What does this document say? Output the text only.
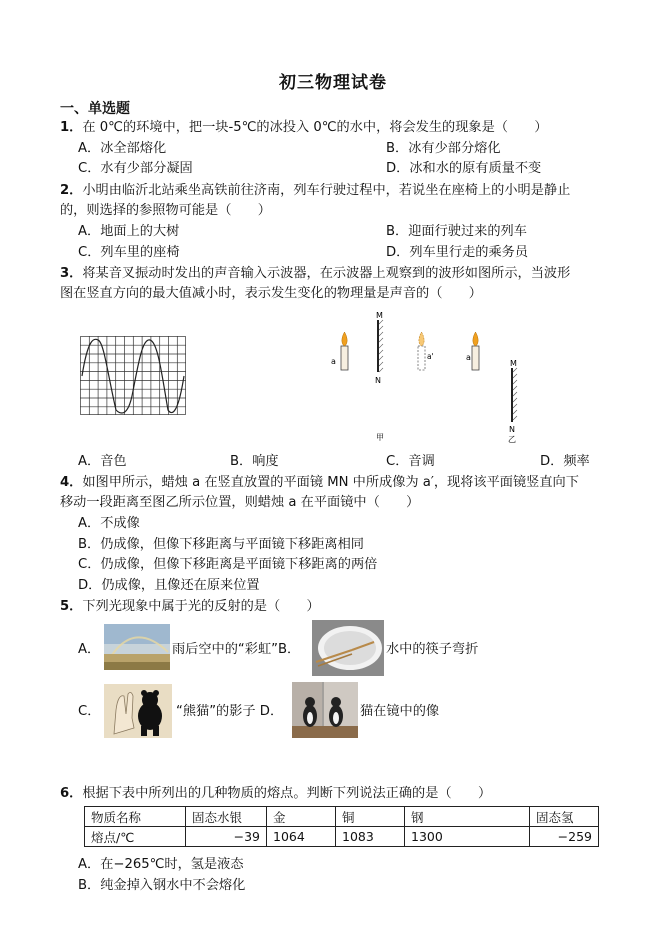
初三物理试卷
一、单选题
1．在 0℃的环境中，把一块-5℃的冰投入 0℃的水中，将会发生的现象是（　　）
A．冰全部熔化	B．冰有少部分熔化
C．水有少部分凝固	D．冰和水的原有质量不变
2．小明由临沂北站乘坐高铁前往济南，列车行驶过程中，若说坐在座椅上的小明是静止
的，则选择的参照物可能是（　　）
A．地面上的大树	B．迎面行驶过来的列车
C．列车里的座椅	D．列车里行走的乘务员
3．将某音叉振动时发出的声音输入示波器，在示波器上观察到的波形如图所示，当波形
图在竖直方向的最大值减小时，表示发生变化的物理量是声音的（　　）
M
N
a
a'
甲
a
M
N
乙
A．音色	B．响度	C．音调	D．频率
4．如图甲所示，蜡烛 a 在竖直放置的平面镜 MN 中所成像为 a′，现将该平面镜竖直向下
移动一段距离至图乙所示位置，则蜡烛 a 在平面镜中（　　）
A．不成像
B．仍成像，但像下移距离与平面镜下移距离相同
C．仍成像，但像下移距离是平面镜下移距离的两倍
D．仍成像，且像还在原来位置
5．下列光现象中属于光的反射的是（　　）
A．	雨后空中的“彩虹”B．	水中的筷子弯折
C．	“熊猫”的影子 D．	猫在镜中的像
6．根据下表中所列出的几种物质的熔点。判断下列说法正确的是（　　）
物质名称	固态水银	金	铜	钢	固态氢
熔点/℃	−39	1064	1083	1300	−259
A．在−265℃时，氢是液态
B．纯金掉入钢水中不会熔化
